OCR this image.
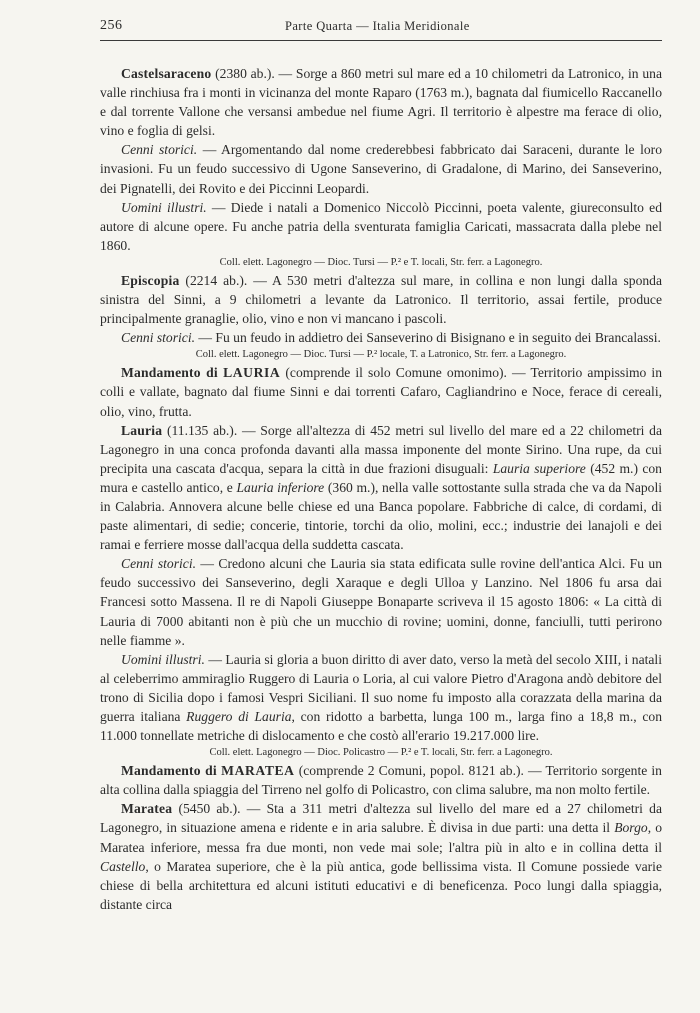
256	Parte Quarta — Italia Meridionale

Castelsaraceno (2380 ab.). — Sorge a 860 metri sul mare ed a 10 chilometri da Latronico, in una valle rinchiusa fra i monti in vicinanza del monte Raparo (1763 m.), bagnata dal fiumicello Raccanello e dal torrente Vallone che versansi ambedue nel fiume Agri. Il territorio è alpestre ma ferace di olio, vino e foglia di gelsi.

Cenni storici. — Argomentando dal nome crederebbesi fabbricato dai Saraceni, durante le loro invasioni. Fu un feudo successivo di Ugone Sanseverino, di Gradalone, di Marino, dei Sanseverino, dei Pignatelli, dei Rovito e dei Piccinni Leopardi.

Uomini illustri. — Diede i natali a Domenico Niccolò Piccinni, poeta valente, giureconsulto ed autore di alcune opere. Fu anche patria della sventurata famiglia Caricati, massacrata dalla plebe nel 1860.

Coll. elett. Lagonegro — Dioc. Tursi — P.² e T. locali, Str. ferr. a Lagonegro.

Episcopia (2214 ab.). — A 530 metri d'altezza sul mare, in collina e non lungi dalla sponda sinistra del Sinni, a 9 chilometri a levante da Latronico. Il territorio, assai fertile, produce principalmente granaglie, olio, vino e non vi mancano i pascoli.

Cenni storici. — Fu un feudo in addietro dei Sanseverino di Bisignano e in seguito dei Brancalassi.

Coll. elett. Lagonegro — Dioc. Tursi — P.² locale, T. a Latronico, Str. ferr. a Lagonegro.

Mandamento di LAURIA (comprende il solo Comune omonimo). — Territorio ampissimo in colli e vallate, bagnato dal fiume Sinni e dai torrenti Cafaro, Cagliandrino e Noce, ferace di cereali, olio, vino, frutta.

Lauria (11.135 ab.). — Sorge all'altezza di 452 metri sul livello del mare ed a 22 chilometri da Lagonegro in una conca profonda davanti alla massa imponente del monte Sirino. Una rupe, da cui precipita una cascata d'acqua, separa la città in due frazioni disuguali: Lauria superiore (452 m.) con mura e castello antico, e Lauria inferiore (360 m.), nella valle sottostante sulla strada che va da Napoli in Calabria. Annovera alcune belle chiese ed una Banca popolare. Fabbriche di calce, di cordami, di paste alimentari, di sedie; concerie, tintorie, torchi da olio, molini, ecc.; industrie dei lanajoli e dei ramai e ferriere mosse dall'acqua della suddetta cascata.

Cenni storici. — Credono alcuni che Lauria sia stata edificata sulle rovine dell'antica Alci. Fu un feudo successivo dei Sanseverino, degli Xaraque e degli Ulloa y Lanzino. Nel 1806 fu arsa dai Francesi sotto Massena. Il re di Napoli Giuseppe Bonaparte scriveva il 15 agosto 1806: « La città di Lauria di 7000 abitanti non è più che un mucchio di rovine; uomini, donne, fanciulli, tutti perirono nelle fiamme ».

Uomini illustri. — Lauria si gloria a buon diritto di aver dato, verso la metà del secolo XIII, i natali al celeberrimo ammiraglio Ruggero di Lauria o Loria, al cui valore Pietro d'Aragona andò debitore del trono di Sicilia dopo i famosi Vespri Siciliani. Il suo nome fu imposto alla corazzata della marina da guerra italiana Ruggero di Lauria, con ridotto a barbetta, lunga 100 m., larga fino a 18,8 m., con 11.000 tonnellate metriche di dislocamento e che costò all'erario 19.217.000 lire.

Coll. elett. Lagonegro — Dioc. Policastro — P.² e T. locali, Str. ferr. a Lagonegro.

Mandamento di MARATEA (comprende 2 Comuni, popol. 8121 ab.). — Territorio sorgente in alta collina dalla spiaggia del Tirreno nel golfo di Policastro, con clima salubre, ma non molto fertile.

Maratea (5450 ab.). — Sta a 311 metri d'altezza sul livello del mare ed a 27 chilometri da Lagonegro, in situazione amena e ridente e in aria salubre. È divisa in due parti: una detta il Borgo, o Maratea inferiore, messa fra due monti, non vede mai sole; l'altra più in alto e in collina detta il Castello, o Maratea superiore, che è la più antica, gode bellissima vista. Il Comune possiede varie chiese di bella architettura ed alcuni istituti educativi e di beneficenza. Poco lungi dalla spiaggia, distante circa
